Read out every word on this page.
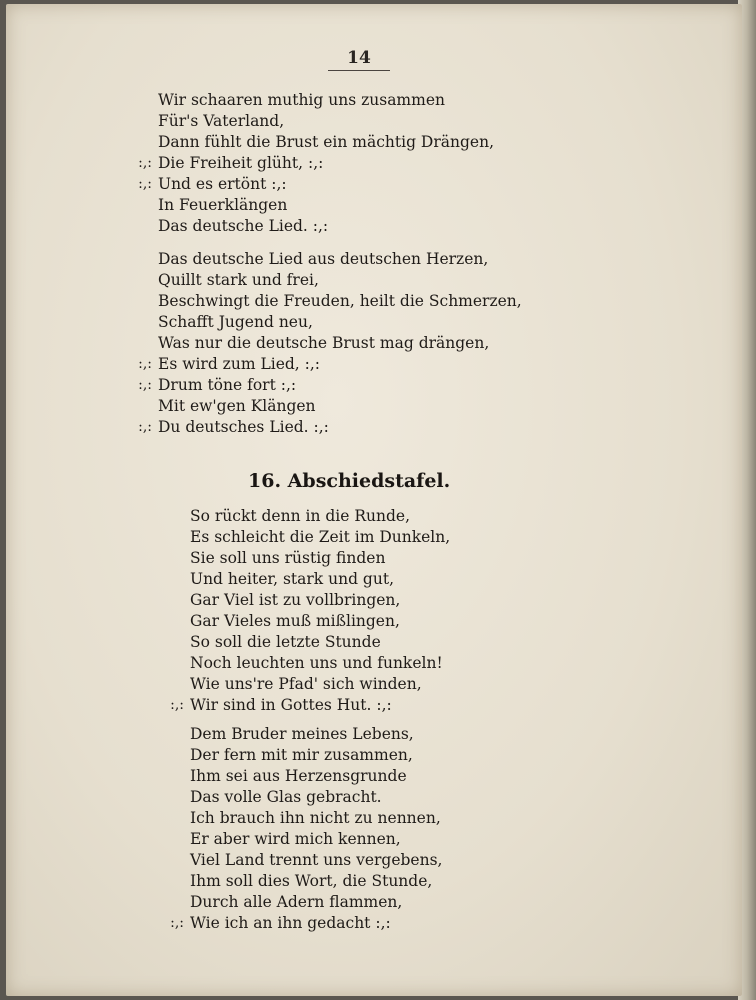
14
Wir schaaren muthig uns zusammen
Für's Vaterland,
Dann fühlt die Brust ein mächtig Drängen,
:,: Die Freiheit glüht, :,:
:,: Und es ertönt :,:
In Feuerklängen
Das deutsche Lied. :,:
Das deutsche Lied aus deutschen Herzen,
Quillt stark und frei,
Beschwingt die Freuden, heilt die Schmerzen,
Schafft Jugend neu,
Was nur die deutsche Brust mag drängen,
:,: Es wird zum Lied, :,:
:,: Drum töne fort :,:
Mit ew'gen Klängen
:,: Du deutsches Lied. :,:
16. Abschiedstafel.
So rückt denn in die Runde,
Es schleicht die Zeit im Dunkeln,
Sie soll uns rüstig finden
Und heiter, stark und gut,
Gar Viel ist zu vollbringen,
Gar Vieles muß mißlingen,
So soll die letzte Stunde
Noch leuchten uns und funkeln!
Wie uns're Pfad' sich winden,
:,: Wir sind in Gottes Hut. :,:
Dem Bruder meines Lebens,
Der fern mit mir zusammen,
Ihm sei aus Herzensgrunde
Das volle Glas gebracht.
Ich brauch ihn nicht zu nennen,
Er aber wird mich kennen,
Viel Land trennt uns vergebens,
Ihm soll dies Wort, die Stunde,
Durch alle Adern flammen,
:,: Wie ich an ihn gedacht :,:
